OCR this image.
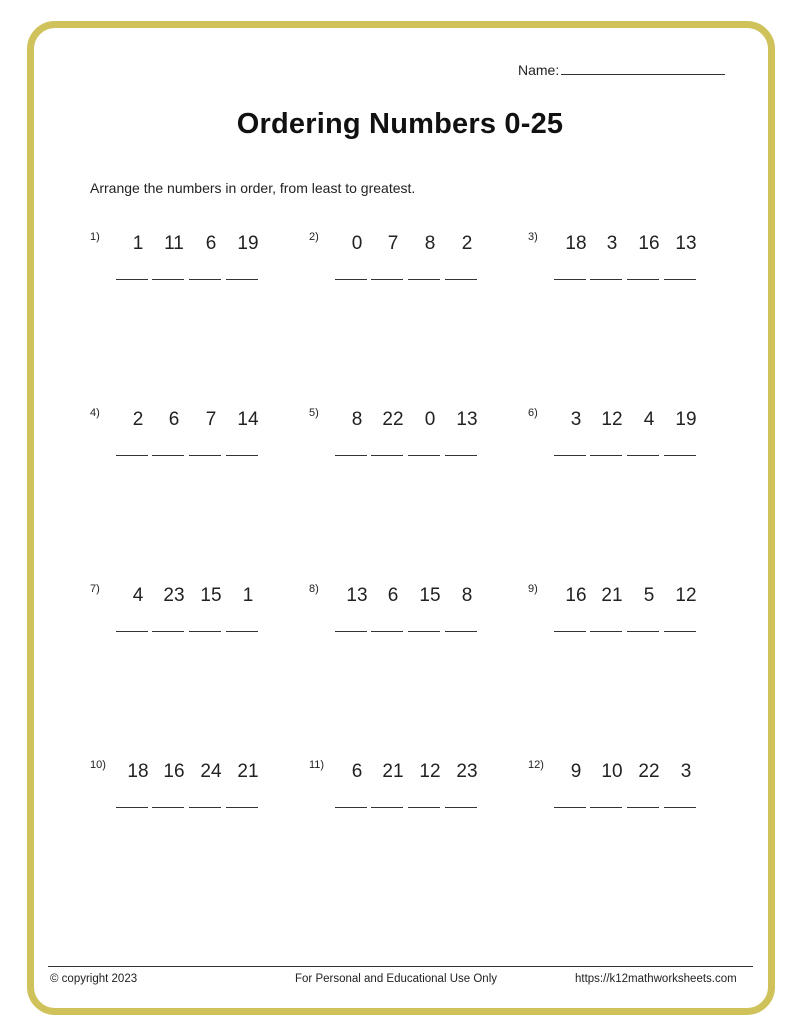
Name:
Ordering Numbers 0-25
Arrange the numbers in order, from least to greatest.
1)	1	11	6	19	2)	0	7	8	2	3)	18	3	16 13
4)	2	6	7	14	5)	8	22	0	13	6)	3	12	4	19
7)	4	23 15	1	8)	13	6	15	8	9)	16 21	5	12
10)	18 16 24 21	11)	6	21 12 23	12)	9	10 22	3
© copyright 2023	For Personal and Educational Use Only	https://k12mathworksheets.com
